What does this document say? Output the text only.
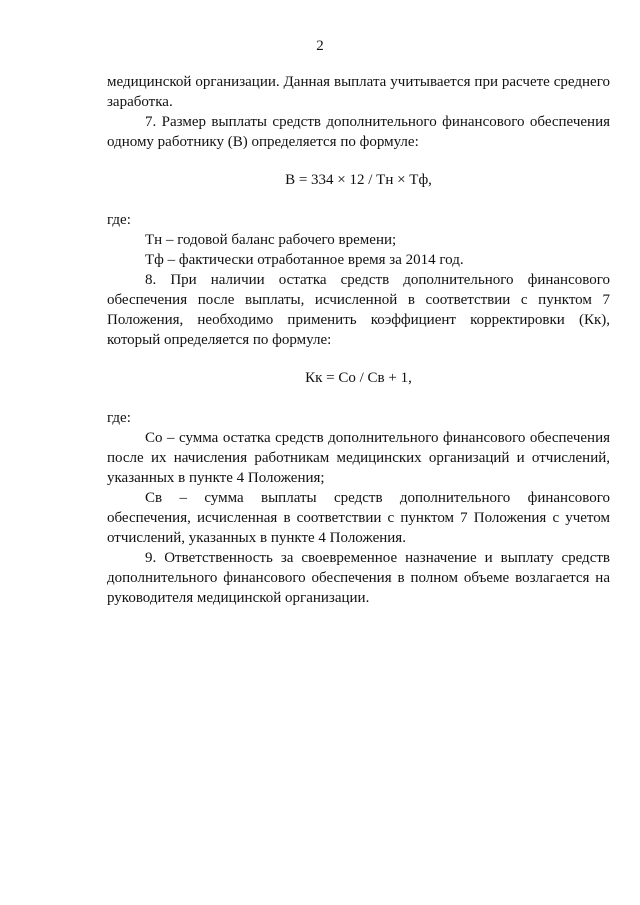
2

медицинской организации. Данная выплата учитывается при расчете среднего заработка.

7. Размер выплаты средств дополнительного финансового обеспечения одному работнику (В) определяется по формуле:

В = 334 × 12 / Тн × Тф,

где:

Тн – годовой баланс рабочего времени;

Тф – фактически отработанное время за 2014 год.

8. При наличии остатка средств дополнительного финансового обеспечения после выплаты, исчисленной в соответствии с пунктом 7 Положения, необходимо применить коэффициент корректировки (Кк), который определяется по формуле:

Кк = Со / Св + 1,

где:

Со – сумма остатка средств дополнительного финансового обеспечения после их начисления работникам медицинских организаций и отчислений, указанных в пункте 4 Положения;

Св – сумма выплаты средств дополнительного финансового обеспечения, исчисленная в соответствии с пунктом 7 Положения с учетом отчислений, указанных в пункте 4 Положения.

9. Ответственность за своевременное назначение и выплату средств дополнительного финансового обеспечения в полном объеме возлагается на руководителя медицинской организации.
